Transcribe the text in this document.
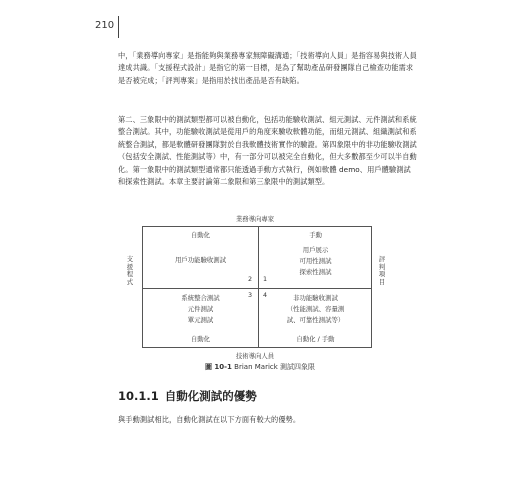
210

中，「業務導向專家」是指能夠與業務專家無障礙溝通；「技術導向人員」是指容易與技術人員達成共識。「支援程式設計」是指它的第一目標，是為了幫助產品研發團隊自己檢查功能需求是否被完成；「評判專案」是指用於找出產品是否有缺陷。

第二、三象限中的測試類型都可以被自動化，包括功能驗收測試、組元測試、元件測試和系統整合測試。其中，功能驗收測試是從用戶的角度來驗收軟體功能，而組元測試、組織測試和系統整合測試，都是軟體研發團隊對於自我軟體技術實作的驗證。第四象限中的非功能驗收測試（包括安全測試、性能測試等）中，有一部分可以被完全自動化，但大多數都至少可以半自動化。第一象限中的測試類型通常都只能透過手動方式執行，例如軟體 demo、用戶體驗測試和探索性測試。本章主要討論第二象限和第三象限中的測試類型。

業務導向專家
支援程式
評判項目
自動化
用戶功能驗收測試
2
手動
用戶展示
可用性測試
探索性測試
1
3
系統整合測試
元件測試
單元測試
自動化
4	非功能驗收測試
（性能測試、容量測
試、可靠性測試等）
自動化 / 手動
技術導向人員
圖 10-1 Brian Marick 測試四象限
10.1.1 自動化測試的優勢

與手動測試相比，自動化測試在以下方面有較大的優勢。
